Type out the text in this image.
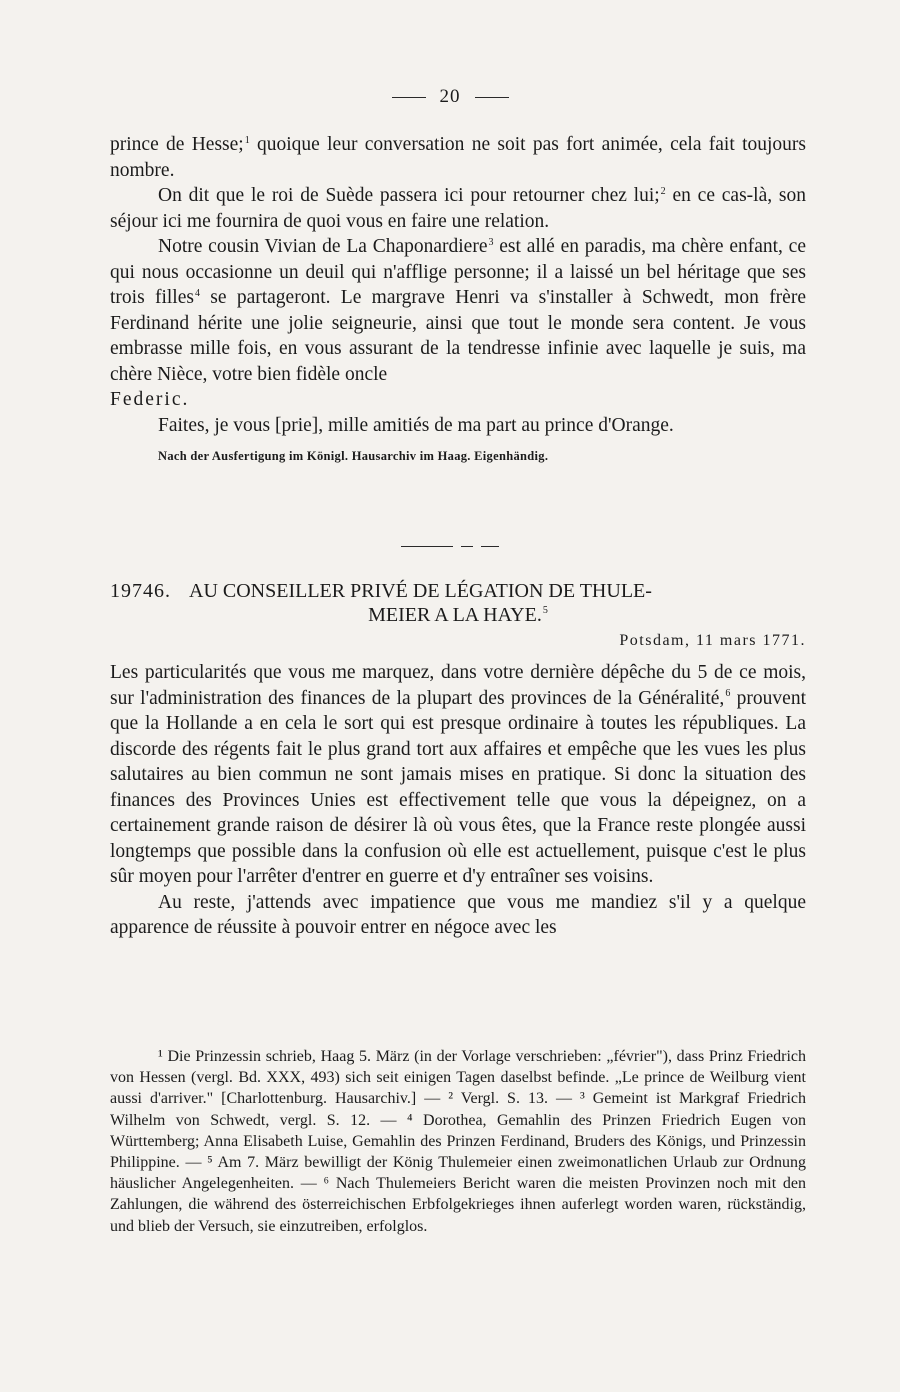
20

prince de Hesse;$^1$ quoique leur conversation ne soit pas fort animée, cela fait toujours nombre.

On dit que le roi de Suède passera ici pour retourner chez lui;$^2$ en ce cas-là, son séjour ici me fournira de quoi vous en faire une relation.

Notre cousin Vivian de La Chaponardiere$^3$ est allé en paradis, ma chère enfant, ce qui nous occasionne un deuil qui n'afflige personne; il a laissé un bel héritage que ses trois filles$^4$ se partageront. Le margrave Henri va s'installer à Schwedt, mon frère Ferdinand hérite une jolie seigneurie, ainsi que tout le monde sera content. Je vous embrasse mille fois, en vous assurant de la tendresse infinie avec laquelle je suis, ma chère Nièce, votre bien fidèle oncle

Federic.

Faites, je vous [prie], mille amitiés de ma part au prince d'Orange.

Nach der Ausfertigung im Königl. Hausarchiv im Haag. Eigenhändig.

19746. AU CONSEILLER PRIVÉ DE LÉGATION DE THULE-
MEIER A LA HAYE.$^5$
Potsdam, 11 mars 1771.

Les particularités que vous me marquez, dans votre dernière dépêche du 5 de ce mois, sur l'administration des finances de la plupart des provinces de la Généralité,$^6$ prouvent que la Hollande a en cela le sort qui est presque ordinaire à toutes les républiques. La discorde des régents fait le plus grand tort aux affaires et empêche que les vues les plus salutaires au bien commun ne sont jamais mises en pratique. Si donc la situation des finances des Provinces Unies est effectivement telle que vous la dépeignez, on a certainement grande raison de désirer là où vous êtes, que la France reste plongée aussi longtemps que possible dans la confusion où elle est actuellement, puisque c'est le plus sûr moyen pour l'arrêter d'entrer en guerre et d'y entraîner ses voisins.

Au reste, j'attends avec impatience que vous me mandiez s'il y a quelque apparence de réussite à pouvoir entrer en négoce avec les

¹ Die Prinzessin schrieb, Haag 5. März (in der Vorlage verschrieben: „février"), dass Prinz Friedrich von Hessen (vergl. Bd. XXX, 493) sich seit einigen Tagen daselbst befinde. „Le prince de Weilburg vient aussi d'arriver." [Charlottenburg. Hausarchiv.] — ² Vergl. S. 13. — ³ Gemeint ist Markgraf Friedrich Wilhelm von Schwedt, vergl. S. 12. — ⁴ Dorothea, Gemahlin des Prinzen Friedrich Eugen von Württemberg; Anna Elisabeth Luise, Gemahlin des Prinzen Ferdinand, Bruders des Königs, und Prinzessin Philippine. — ⁵ Am 7. März bewilligt der König Thulemeier einen zweimonatlichen Urlaub zur Ordnung häuslicher Angelegenheiten. — ⁶ Nach Thulemeiers Bericht waren die meisten Provinzen noch mit den Zahlungen, die während des österreichischen Erbfolgekrieges ihnen auferlegt worden waren, rückständig, und blieb der Versuch, sie einzutreiben, erfolglos.
